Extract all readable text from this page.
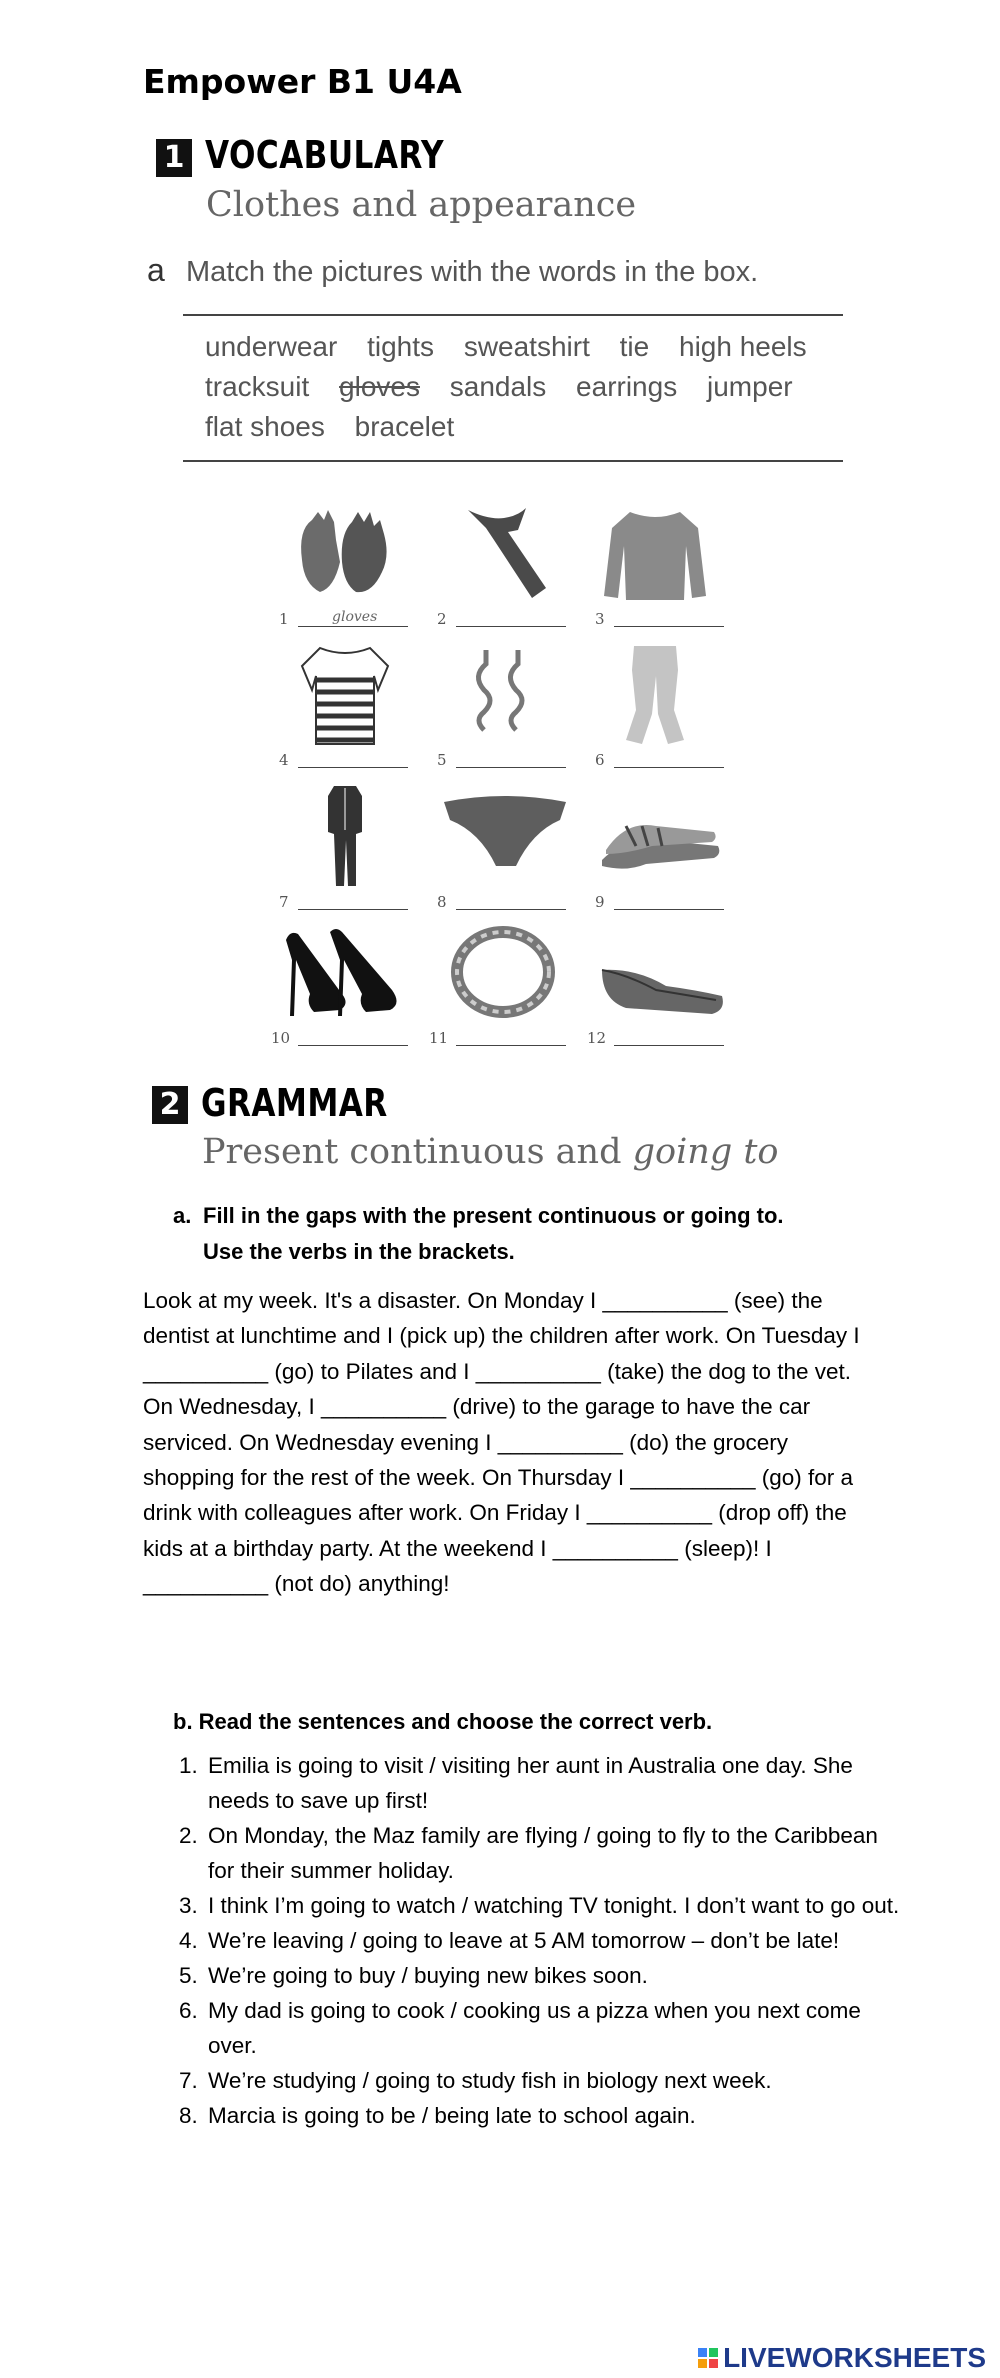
Empower B1 U4A
1 VOCABULARY
Clothes and appearance
a Match the pictures with the words in the box.
underwear tights sweatshirt tie high heels
tracksuit gloves sandals earrings jumper
flat shoes bracelet
1	gloves	2	3
4	5	6
7	8	9
10	11	12
2 GRAMMAR
Present continuous and going to
a. Fill in the gaps with the present continuous or going to.
Use the verbs in the brackets.
Look at my week. It's a disaster. On Monday I __________ (see) the dentist at lunchtime and I (pick up) the children after work. On Tuesday I __________ (go) to Pilates and I __________ (take) the dog to the vet. On Wednesday, I __________ (drive) to the garage to have the car serviced. On Wednesday evening I __________ (do) the grocery shopping for the rest of the week. On Thursday I __________ (go) for a drink with colleagues after work. On Friday I __________ (drop off) the kids at a birthday party. At the weekend I __________ (sleep)! I __________ (not do) anything!
b. Read the sentences and choose the correct verb.
1. Emilia is going to visit / visiting her aunt in Australia one day. She needs to save up first!
2. On Monday, the Maz family are flying / going to fly to the Caribbean for their summer holiday.
3. I think I’m going to watch / watching TV tonight. I don’t want to go out.
4. We’re leaving / going to leave at 5 AM tomorrow – don’t be late!
5. We’re going to buy / buying new bikes soon.
6. My dad is going to cook / cooking us a pizza when you next come over.
7. We’re studying / going to study fish in biology next week.
8. Marcia is going to be / being late to school again.
LIVEWORKSHEETS
